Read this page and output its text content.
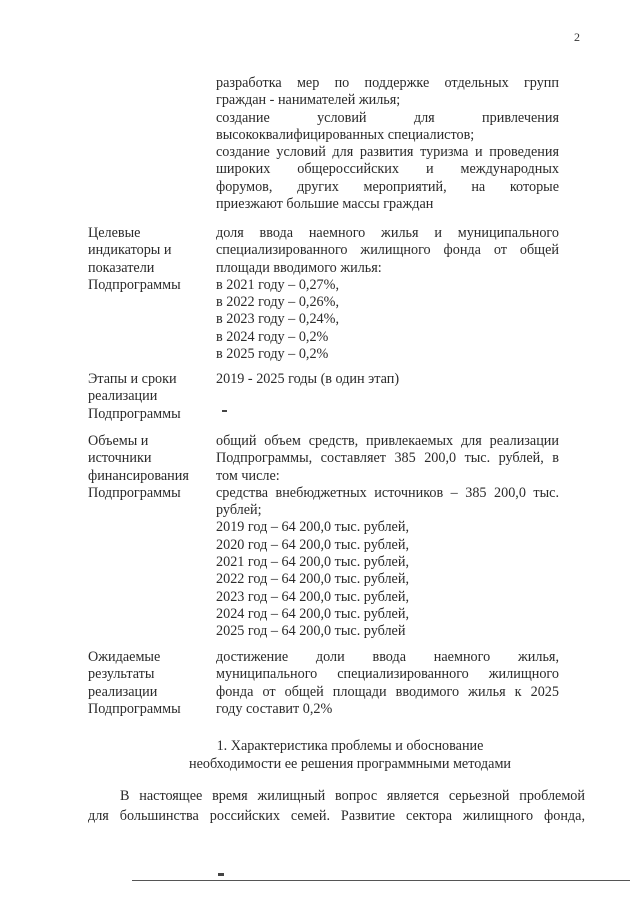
2
разработка мер по поддержке отдельных групп
граждан - нанимателей жилья;
создание условий для привлечения
высококвалифицированных специалистов;
создание условий для развития туризма и проведения
широких общероссийских и международных
форумов, других мероприятий, на которые
приезжают большие массы граждан
Целевые
индикаторы и
показатели
Подпрограммы
доля ввода наемного жилья и муниципального
специализированного жилищного фонда от общей
площади вводимого жилья:
в 2021 году – 0,27%,
в 2022 году – 0,26%,
в 2023 году – 0,24%,
в 2024 году – 0,2%
в 2025 году – 0,2%
Этапы и сроки
реализации
Подпрограммы
2019 - 2025 годы (в один этап)
Объемы и
источники
финансирования
Подпрограммы
общий объем средств, привлекаемых для реализации
Подпрограммы, составляет 385 200,0 тыс. рублей, в
том числе:
средства внебюджетных источников – 385 200,0 тыс.
рублей;
2019 год – 64 200,0 тыс. рублей,
2020 год – 64 200,0 тыс. рублей,
2021 год – 64 200,0 тыс. рублей,
2022 год – 64 200,0 тыс. рублей,
2023 год – 64 200,0 тыс. рублей,
2024 год – 64 200,0 тыс. рублей,
2025 год – 64 200,0 тыс. рублей
Ожидаемые
результаты
реализации
Подпрограммы
достижение доли ввода наемного жилья,
муниципального специализированного жилищного
фонда от общей площади вводимого жилья к 2025
году составит 0,2%
1. Характеристика проблемы и обоснование
необходимости ее решения программными методами
В настоящее время жилищный вопрос является серьезной проблемой
для большинства российских семей. Развитие сектора жилищного фонда,
